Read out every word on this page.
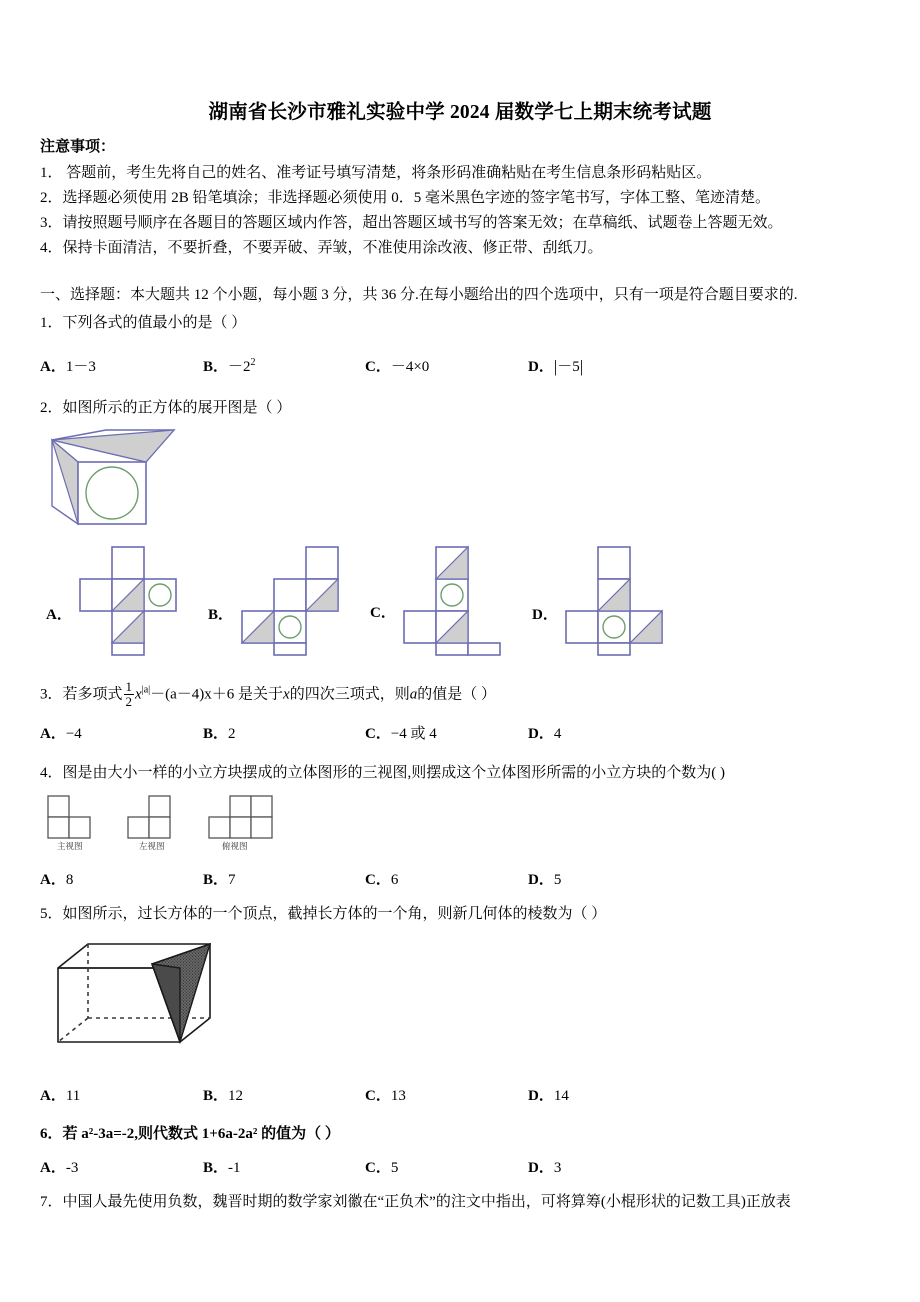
湖南省长沙市雅礼实验中学 2024 届数学七上期末统考试题
注意事项：
1． 答题前，考生先将自己的姓名、准考证号填写清楚，将条形码准确粘贴在考生信息条形码粘贴区。
2．选择题必须使用 2B 铅笔填涂；非选择题必须使用 0．5 毫米黑色字迹的签字笔书写，字体工整、笔迹清楚。
3．请按照题号顺序在各题目的答题区域内作答，超出答题区域书写的答案无效；在草稿纸、试题卷上答题无效。
4．保持卡面清洁，不要折叠，不要弄破、弄皱，不准使用涂改液、修正带、刮纸刀。
一、选择题：本大题共 12 个小题，每小题 3 分，共 36 分.在每小题给出的四个选项中，只有一项是符合题目要求的.
1．下列各式的值最小的是（ ）
A．1－3	B．$-2^2$	C．－4×0	D．|－5|
2．如图所示的正方体的展开图是（ ）
A．	B．	C．	D．
3．若多项式 $\frac{1}{2} x^{|a|}-(a-4)x+6$ 是关于x的四次三项式，则a的值是（ ）
A．−4	B．2	C．−4 或 4	D．4
4．图是由大小一样的小立方块摆成的立体图形的三视图,则摆成这个立体图形所需的小立方块的个数为( )
主视图	左视图	俯视图
A．8	B．7	C．6	D．5
5．如图所示，过长方体的一个顶点，截掉长方体的一个角，则新几何体的棱数为（ ）
A．11	B．12	C．13	D．14
6．若 a²-3a=-2,则代数式 1+6a-2a² 的值为（ ）
A．-3	B．-1	C．5	D．3
7．中国人最先使用负数，魏晋时期的数学家刘徽在“正负术”的注文中指出，可将算筹(小棍形状的记数工具)正放表
